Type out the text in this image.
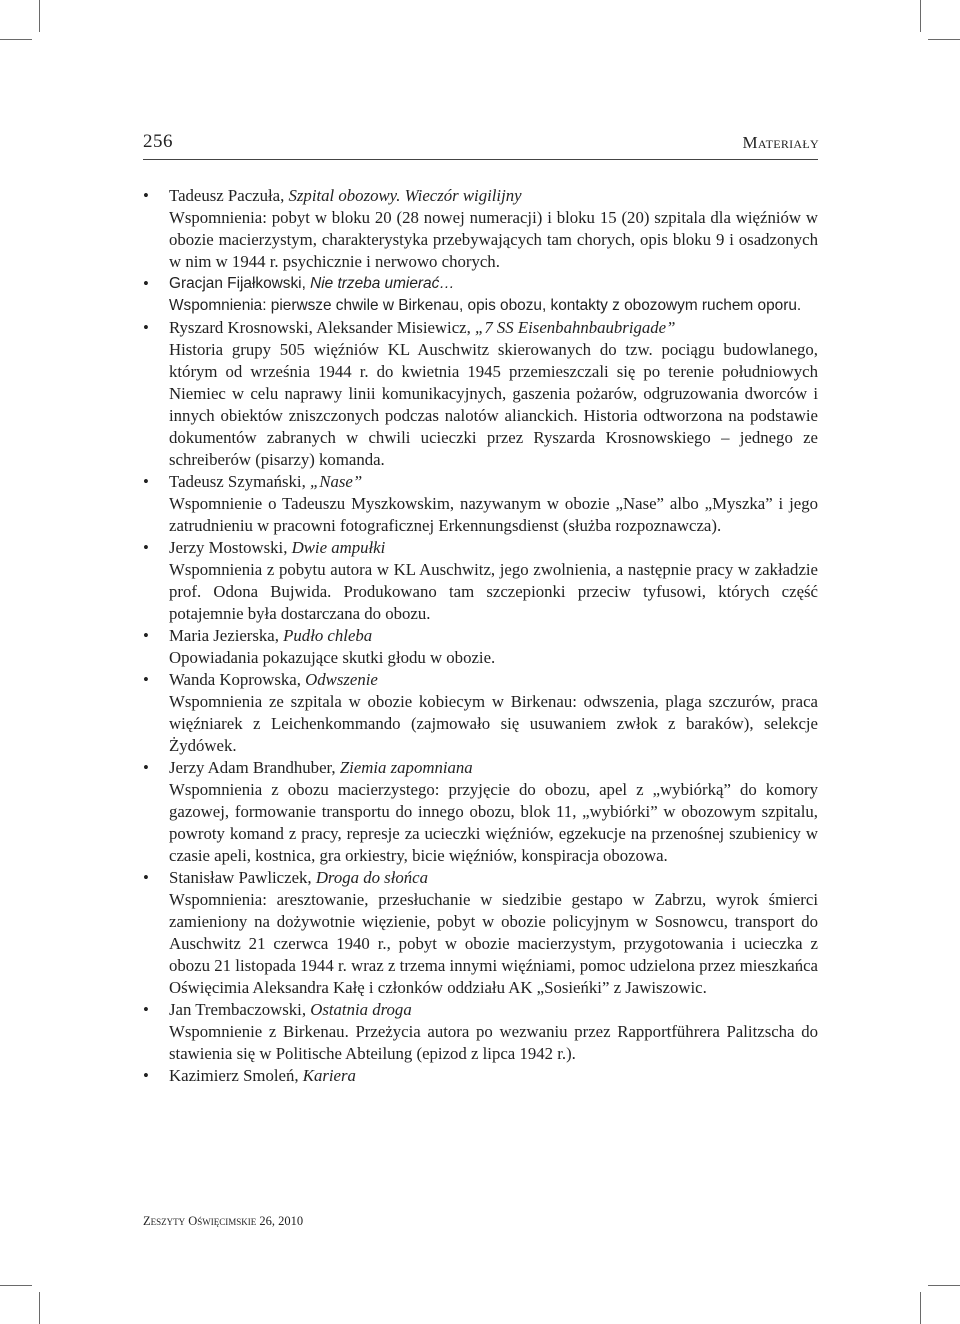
256	Materiały
• Tadeusz Paczuła, Szpital obozowy. Wieczór wigilijny
Wspomnienia: pobyt w bloku 20 (28 nowej numeracji) i bloku 15 (20) szpitala dla więźniów w obozie macierzystym, charakterystyka przebywających tam chorych, opis bloku 9 i osadzonych w nim w 1944 r. psychicznie i nerwowo chorych.
• Gracjan Fijałkowski, Nie trzeba umierać…
Wspomnienia: pierwsze chwile w Birkenau, opis obozu, kontakty z obozowym ruchem oporu.
• Ryszard Krosnowski, Aleksander Misiewicz, „7 SS Eisenbahnbaubrigade”
Historia grupy 505 więźniów KL Auschwitz skierowanych do tzw. pociągu budowlanego, którym od września 1944 r. do kwietnia 1945 przemieszczali się po terenie południowych Niemiec w celu naprawy linii komunikacyjnych, gaszenia pożarów, odgruzowania dworców i innych obiektów zniszczonych podczas nalotów alianckich. Historia odtworzona na podstawie dokumentów zabranych w chwili ucieczki przez Ryszarda Krosnowskiego – jednego ze schreiberów (pisarzy) komanda.
• Tadeusz Szymański, „Nase”
Wspomnienie o Tadeuszu Myszkowskim, nazywanym w obozie „Nase” albo „Myszka” i jego zatrudnieniu w pracowni fotograficznej Erkennungsdienst (służba rozpoznawcza).
• Jerzy Mostowski, Dwie ampułki
Wspomnienia z pobytu autora w KL Auschwitz, jego zwolnienia, a następnie pracy w zakładzie prof. Odona Bujwida. Produkowano tam szczepionki przeciw tyfusowi, których część potajemnie była dostarczana do obozu.
• Maria Jezierska, Pudło chleba
Opowiadania pokazujące skutki głodu w obozie.
• Wanda Koprowska, Odwszenie
Wspomnienia ze szpitala w obozie kobiecym w Birkenau: odwszenia, plaga szczurów, praca więźniarek z Leichenkommando (zajmowało się usuwaniem zwłok z baraków), selekcje Żydówek.
• Jerzy Adam Brandhuber, Ziemia zapomniana
Wspomnienia z obozu macierzystego: przyjęcie do obozu, apel z „wybiórką” do komory gazowej, formowanie transportu do innego obozu, blok 11, „wybiórki” w obozowym szpitalu, powroty komand z pracy, represje za ucieczki więźniów, egzekucje na przenośnej szubienicy w czasie apeli, kostnica, gra orkiestry, bicie więźniów, konspiracja obozowa.
• Stanisław Pawliczek, Droga do słońca
Wspomnienia: aresztowanie, przesłuchanie w siedzibie gestapo w Zabrzu, wyrok śmierci zamieniony na dożywotnie więzienie, pobyt w obozie policyjnym w Sosnowcu, transport do Auschwitz 21 czerwca 1940 r., pobyt w obozie macierzystym, przygotowania i ucieczka z obozu 21 listopada 1944 r. wraz z trzema innymi więźniami, pomoc udzielona przez mieszkańca Oświęcimia Aleksandra Kałę i członków oddziału AK „Sosieńki” z Jawiszowic.
• Jan Trembaczowski, Ostatnia droga
Wspomnienie z Birkenau. Przeżycia autora po wezwaniu przez Rapportführera Palitzscha do stawienia się w Politische Abteilung (epizod z lipca 1942 r.).
• Kazimierz Smoleń, Kariera
Zeszyty Oświęcimskie 26, 2010
